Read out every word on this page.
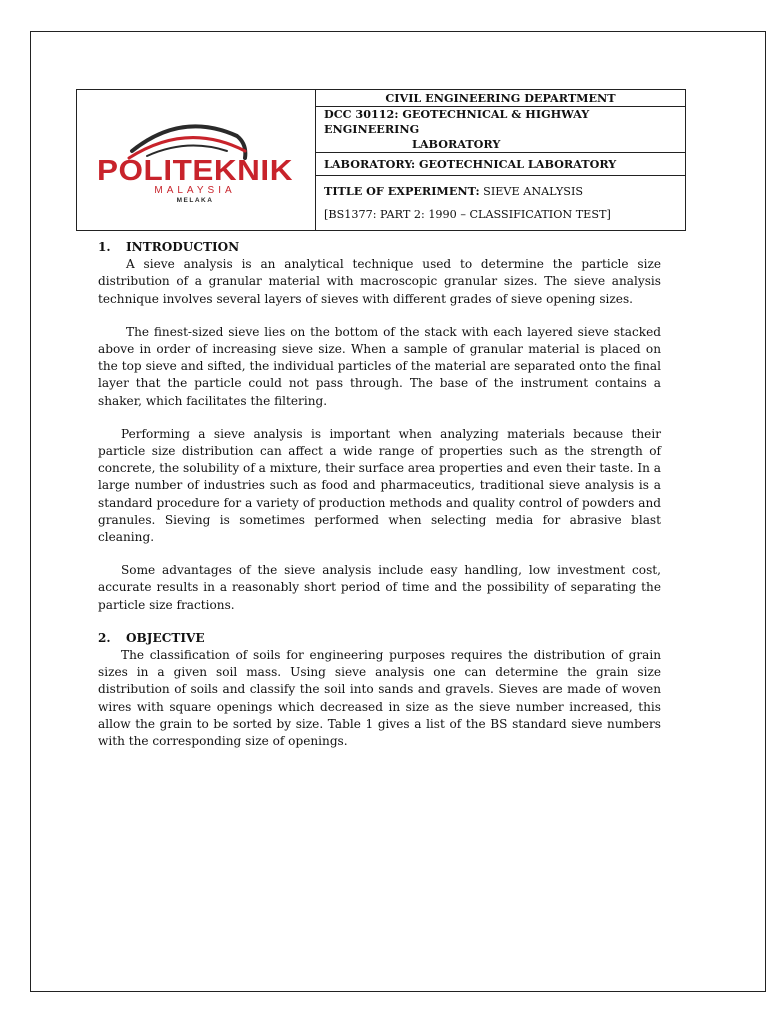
POLITEKNIK
MALAYSIA
MELAKA
	CIVIL ENGINEERING DEPARTMENT
DCC 30112: GEOTECHNICAL & HIGHWAY ENGINEERING
LABORATORY

LABORATORY: GEOTECHNICAL LABORATORY

TITLE OF EXPERIMENT: SIEVE ANALYSIS
[BS1377: PART 2: 1990 – CLASSIFICATION TEST]
1. INTRODUCTION

A sieve analysis is an analytical technique used to determine the particle size distribution of a granular material with macroscopic granular sizes. The sieve analysis technique involves several layers of sieves with different grades of sieve opening sizes.

The finest-sized sieve lies on the bottom of the stack with each layered sieve stacked above in order of increasing sieve size. When a sample of granular material is placed on the top sieve and sifted, the individual particles of the material are separated onto the final layer that the particle could not pass through. The base of the instrument contains a shaker, which facilitates the filtering.

Performing a sieve analysis is important when analyzing materials because their particle size distribution can affect a wide range of properties such as the strength of concrete, the solubility of a mixture, their surface area properties and even their taste. In a large number of industries such as food and pharmaceutics, traditional sieve analysis is a standard procedure for a variety of production methods and quality control of powders and granules. Sieving is sometimes performed when selecting media for abrasive blast cleaning.

Some advantages of the sieve analysis include easy handling, low investment cost, accurate results in a reasonably short period of time and the possibility of separating the particle size fractions.

2. OBJECTIVE

The classification of soils for engineering purposes requires the distribution of grain sizes in a given soil mass. Using sieve analysis one can determine the grain size distribution of soils and classify the soil into sands and gravels. Sieves are made of woven wires with square openings which decreased in size as the sieve number increased, this allow the grain to be sorted by size. Table 1 gives a list of the BS standard sieve numbers with the corresponding size of openings.
